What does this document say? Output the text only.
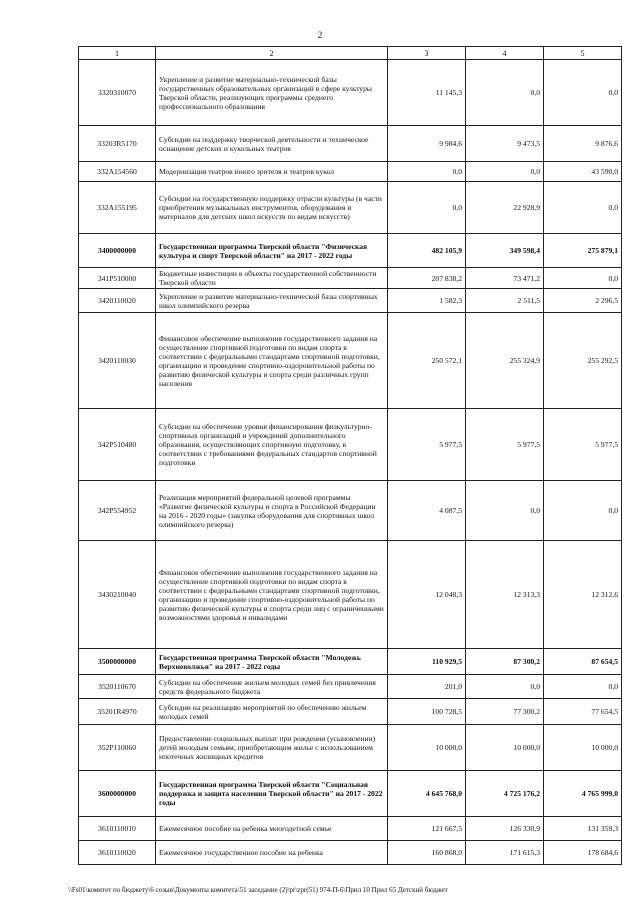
2
1	2	3	4	5
3320310070	Укрепление и развитие материально-технической базы государственных образовательных организаций в сфере культуры Тверской области, реализующих программы среднего профессионального образования	11 145,3	0,0	0,0
33203R5170	Субсидии на поддержку творческой деятельности и техническое оснащение детских и кукольных театров	9 984,6	9 473,5	9 876,6
332A154560	Модернизация театров юного зрителя и театров кукол	0,0	0,0	43 590,0
332A155195	Субсидии на государственную поддержку отрасли культуры (в части приобретения музыкальных инструментов, оборудования и материалов для детских школ искусств по видам искусств)	0,0	22 928,9	0,0
3400000000	Государственная программа Тверской области "Физическая культура и спорт Тверской области" на 2017 - 2022 годы	482 105,9	349 598,4	275 879,1
341P510000	Бюджетные инвестиции в объекты государственной собственности Тверской области	207 838,2	73 471,2	0,0
3420110020	Укрепление и развитие материально-технической базы спортивных школ олимпийского резерва	1 582,3	2 511,5	2 296,5
3420110030	Финансовое обеспечение выполнения государственного задания на осуществление спортивной подготовки по видам спорта в соответствии с федеральными стандартами спортивной подготовки, организацию и проведение спортивно-оздоровительной работы по развитию физической культуры и спорта среди различных групп населения	250 572,1	255 324,9	255 292,5
342P510480	Субсидии на обеспечение уровня финансирования физкультурно-спортивных организаций и учреждений дополнительного образования, осуществляющих спортивную подготовку, в соответствии с требованиями федеральных стандартов спортивной подготовки	5 977,5	5 977,5	5 977,5
342P554952	Реализация мероприятий федеральной целевой программы «Развитие физической культуры и спорта в Российской Федерации на 2016 - 2020 годы» (закупка оборудования для спортивных школ олимпийского резерва)	4 087,5	0,0	0,0
3430210040	Финансовое обеспечение выполнения государственного задания на осуществление спортивной подготовки по видам спорта в соответствии с федеральными стандартами спортивной подготовки, организацию и проведение спортивно-оздоровительной работы по развитию физической культуры и спорта среди лиц с ограниченными возможностями здоровья и инвалидами	12 048,3	12 313,3	12 312,6
3500000000	Государственная программа Тверской области "Молодежь Верхневолжья" на 2017 - 2022 годы	110 929,5	87 300,2	87 654,5
3520110670	Субсидии на обеспечение жильем молодых семей без привлечения средств федерального бюджета	201,0	0,0	0,0
35201R4970	Субсидии на реализацию мероприятий по обеспечению жильем молодых семей	100 728,5	77 300,2	77 654,5
352P110060	Предоставление социальных выплат при рождении (усыновлении) детей молодым семьям, приобретающим жилье с использованием ипотечных жилищных кредитов	10 000,0	10 000,0	10 000,0
3600000000	Государственная программа Тверской области "Социальная поддержка и защита населения Тверской области" на 2017 - 2022 годы	4 645 768,0	4 725 176,2	4 765 999,0
3610110010	Ежемесячное пособие на ребенка многодетной семье	121 667,5	126 330,9	131 359,3
3610110020	Ежемесячное государственное пособие на ребенка	160 868,0	171 615,3	178 684,6
\\Fs01\комитет по бюджету\6 созыв\Документы комитета\51 заседание (2)\pr\zpr(51) 974-П-6\Прил 10 Прил 65 Детский бюджет
